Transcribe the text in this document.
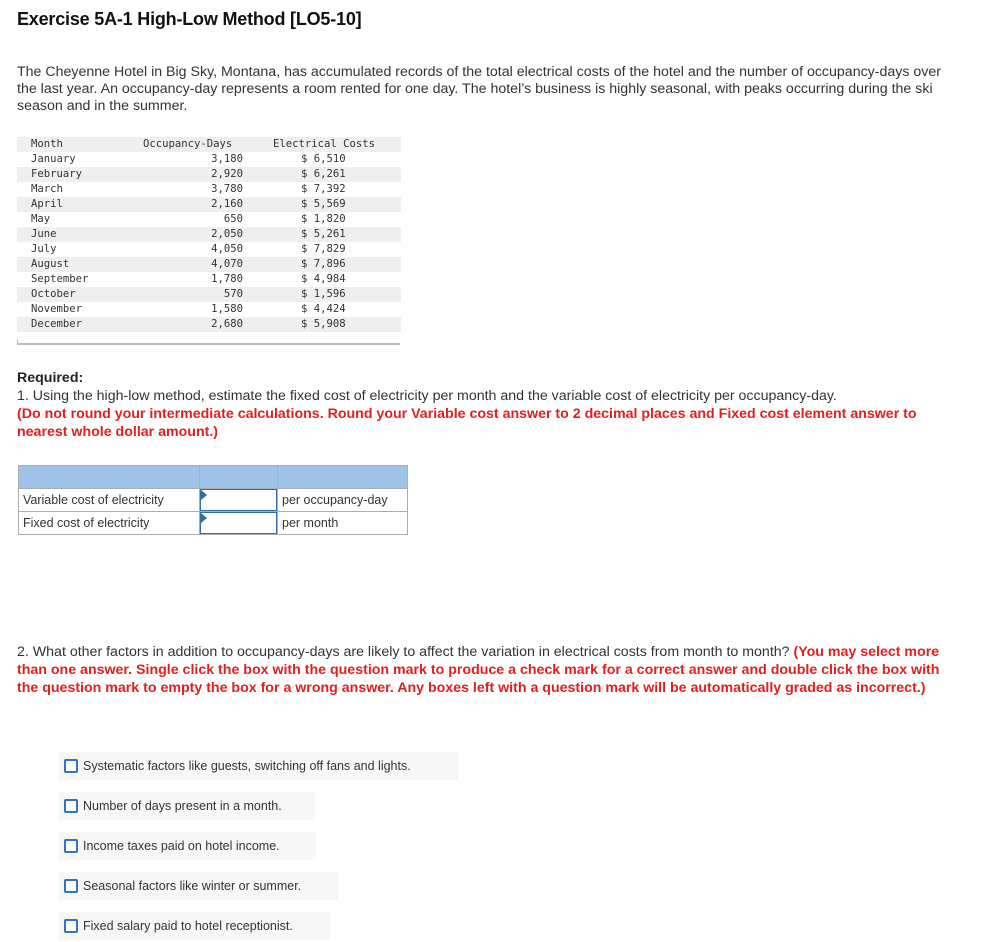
Exercise 5A-1 High-Low Method [LO5-10]
The Cheyenne Hotel in Big Sky, Montana, has accumulated records of the total electrical costs of the hotel and the number of occupancy-days over the last year. An occupancy-day represents a room rented for one day. The hotel’s business is highly seasonal, with peaks occurring during the ski season and in the summer.
Month	Occupancy-Days	Electrical Costs
January	3,180	$ 6,510
February	2,920	$ 6,261
March	3,780	$ 7,392
April	2,160	$ 5,569
May	650	$ 1,820
June	2,050	$ 5,261
July	4,050	$ 7,829
August	4,070	$ 7,896
September	1,780	$ 4,984
October	570	$ 1,596
November	1,580	$ 4,424
December	2,680	$ 5,908
Required:
1. Using the high-low method, estimate the fixed cost of electricity per month and the variable cost of electricity per occupancy-day.
(Do not round your intermediate calculations. Round your Variable cost answer to 2 decimal places and Fixed cost element answer to nearest whole dollar amount.)

Variable cost of electricity		per occupancy-day
Fixed cost of electricity		per month
2. What other factors in addition to occupancy-days are likely to affect the variation in electrical costs from month to month? (You may select more than one answer. Single click the box with the question mark to produce a check mark for a correct answer and double click the box with the question mark to empty the box for a wrong answer. Any boxes left with a question mark will be automatically graded as incorrect.)
Systematic factors like guests, switching off fans and lights.
Number of days present in a month.
Income taxes paid on hotel income.
Seasonal factors like winter or summer.
Fixed salary paid to hotel receptionist.
